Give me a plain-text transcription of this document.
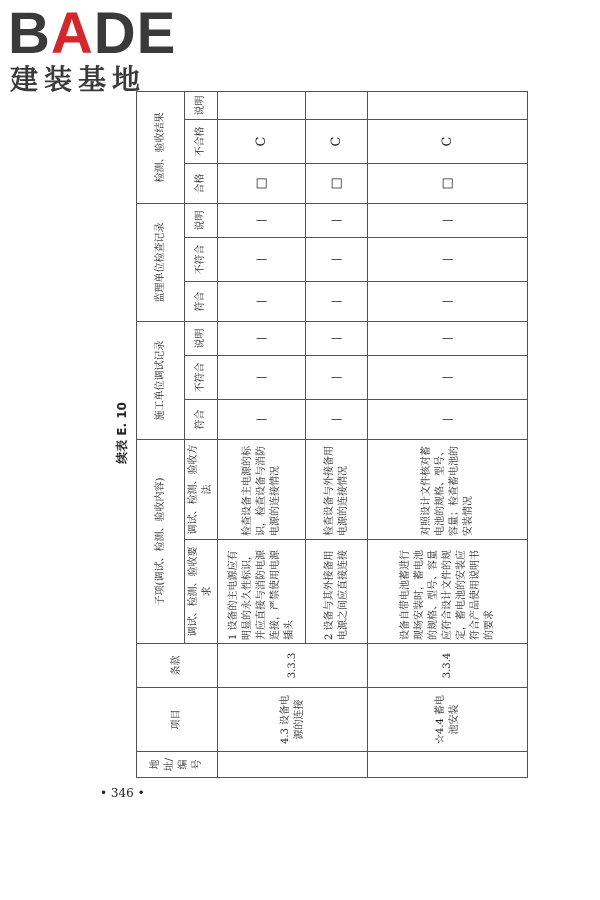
BADE
建装基地
续表 E. 10
地址/编号	项目	条款	子项(调试、检测、验收内容)		施工单位调试记录			监理单位检查记录			检测、验收结果		
			调试、检测、验收要求	调试、检测、验收方法	符合	不符合	说明	符合	不符合	说明	合格	不合格	说明
	4.3 设备电源的连接	3.3.3	1 设备的主电源应有明显的永久性标识，并应直接与消防电源连接，严禁使用电源插头	检查设备主电源的标识，检查设备与消防电源的连接情况	|	|	|	|	|	|	□	C	
			2 设备与其外接备用电源之间应直接连接	检查设备与外接备用电源的连接情况	|	|	|	|	|	|	□	C	
	☆4.4 蓄电池安装	3.3.4	设备自带电池蓄进行现场安装时，蓄电池的规格、型号、容量应符合设计文件的规定，蓄电池的安装应符合产品使用说明书的要求	对照设计文件核对蓄电池的规格、型号、容量；检查蓄电池的安装情况	|	|	|	|	|	|	□	C	
• 346 •
